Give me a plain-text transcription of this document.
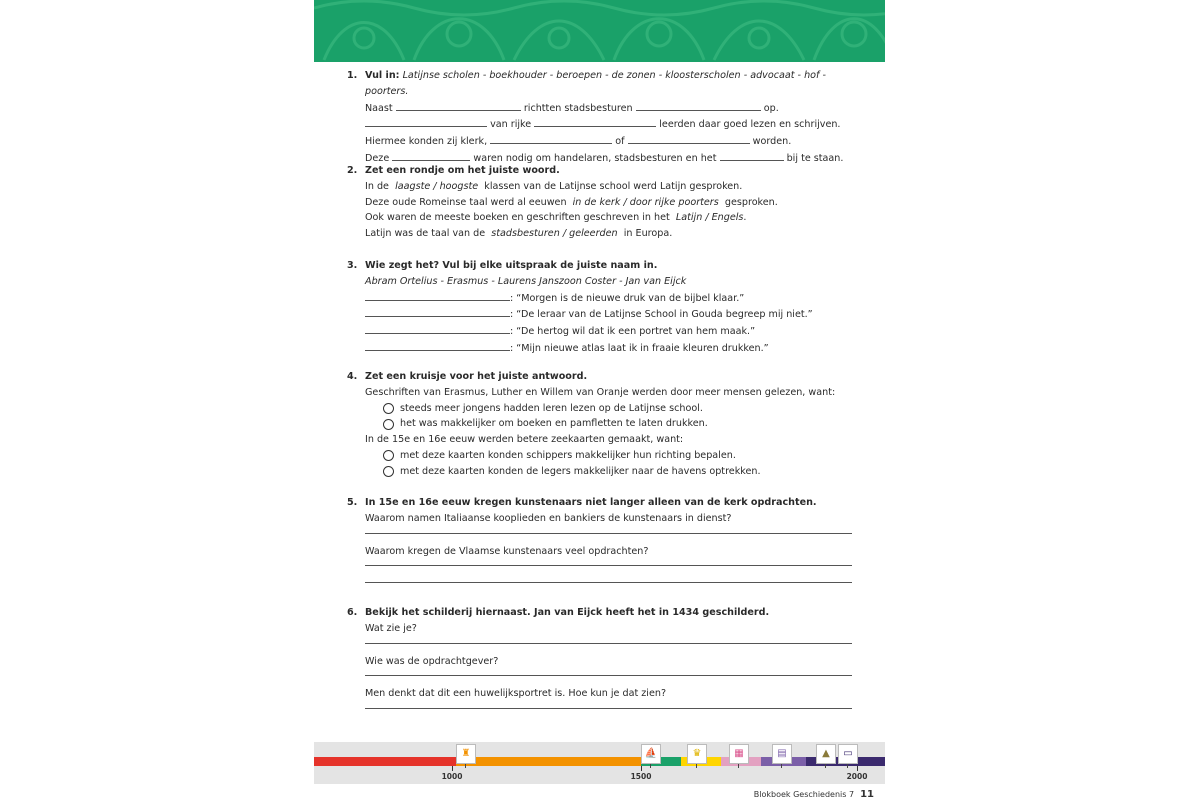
1. Vul in: Latijnse scholen - boekhouder - beroepen - de zonen - kloosterscholen - advocaat - hof - poorters.
Naast	richtten stadsbesturen	op.
van rijke	leerden daar goed lezen en schrijven.
Hiermee konden zij klerk,	of	worden.
Deze	waren nodig om handelaren, stadsbesturen en het	bij te staan.
2. Zet een rondje om het juiste woord.
In de laagste / hoogste klassen van de Latijnse school werd Latijn gesproken.
Deze oude Romeinse taal werd al eeuwen in de kerk / door rijke poorters gesproken.
Ook waren de meeste boeken en geschriften geschreven in het Latijn / Engels.
Latijn was de taal van de stadsbesturen / geleerden in Europa.
3. Wie zegt het? Vul bij elke uitspraak de juiste naam in.
Abram Ortelius - Erasmus - Laurens Janszoon Coster - Jan van Eijck
: “Morgen is de nieuwe druk van de bijbel klaar.”
: “De leraar van de Latijnse School in Gouda begreep mij niet.”
: “De hertog wil dat ik een portret van hem maak.”
: “Mijn nieuwe atlas laat ik in fraaie kleuren drukken.”
4. Zet een kruisje voor het juiste antwoord.
Geschriften van Erasmus, Luther en Willem van Oranje werden door meer mensen gelezen, want:
steeds meer jongens hadden leren lezen op de Latijnse school.
het was makkelijker om boeken en pamfletten te laten drukken.
In de 15e en 16e eeuw werden betere zeekaarten gemaakt, want:
met deze kaarten konden schippers makkelijker hun richting bepalen.
met deze kaarten konden de legers makkelijker naar de havens optrekken.
5. In 15e en 16e eeuw kregen kunstenaars niet langer alleen van de kerk opdrachten.
Waarom namen Italiaanse kooplieden en bankiers de kunstenaars in dienst?
Waarom kregen de Vlaamse kunstenaars veel opdrachten?
6. Bekijk het schilderij hiernaast. Jan van Eijck heeft het in 1434 geschilderd.
Wat zie je?
Wie was de opdrachtgever?
Men denkt dat dit een huwelijksportret is. Hoe kun je dat zien?
♜	⛵	♛	▦	▤	▲	▭
1000	1500	2000
Blokboek Geschiedenis 7 11
